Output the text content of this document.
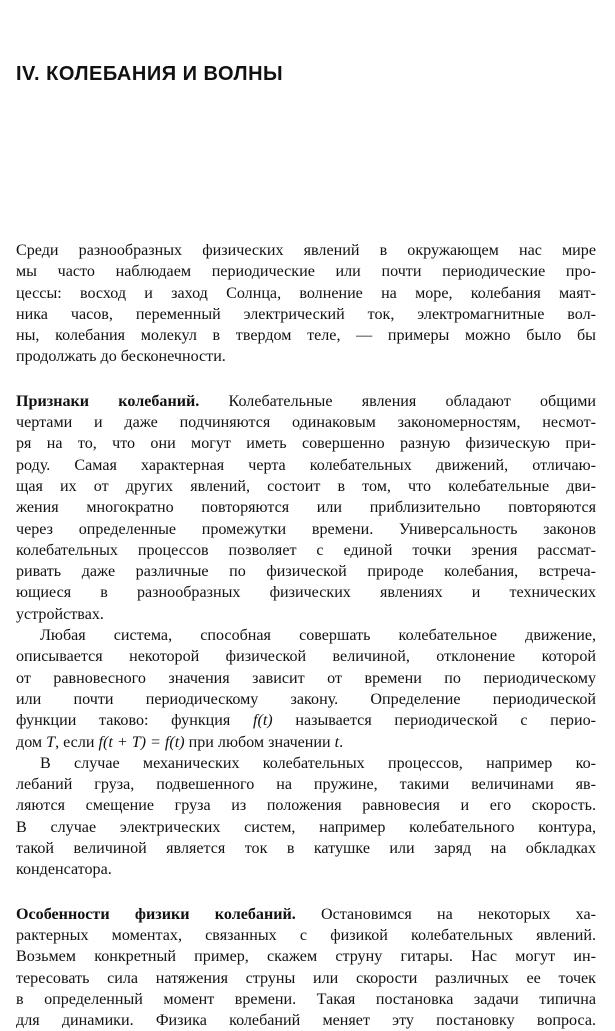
IV. КОЛЕБАНИЯ И ВОЛНЫ
Среди разнообразных физических явлений в окружающем нас мире
мы часто наблюдаем периодические или почти периодические про-
цессы: восход и заход Солнца, волнение на море, колебания маят-
ника часов, переменный электрический ток, электромагнитные вол-
ны, колебания молекул в твердом теле, — примеры можно было бы
продолжать до бесконечности.
Признаки колебаний. Колебательные явления обладают общими
чертами и даже подчиняются одинаковым закономерностям, несмот-
ря на то, что они могут иметь совершенно разную физическую при-
роду. Самая характерная черта колебательных движений, отличаю-
щая их от других явлений, состоит в том, что колебательные дви-
жения многократно повторяются или приблизительно повторяются
через определенные промежутки времени. Универсальность законов
колебательных процессов позволяет с единой точки зрения рассмат-
ривать даже различные по физической природе колебания, встреча-
ющиеся в разнообразных физических явлениях и технических
устройствах.
Любая система, способная совершать колебательное движение,
описывается некоторой физической величиной, отклонение которой
от равновесного значения зависит от времени по периодическому
или почти периодическому закону. Определение периодической
функции таково: функция f(t) называется периодической с перио-
дом T, если f(t + T) = f(t) при любом значении t.
В случае механических колебательных процессов, например ко-
лебаний груза, подвешенного на пружине, такими величинами яв-
ляются смещение груза из положения равновесия и его скорость.
В случае электрических систем, например колебательного контура,
такой величиной является ток в катушке или заряд на обкладках
конденсатора.
Особенности физики колебаний. Остановимся на некоторых ха-
рактерных моментах, связанных с физикой колебательных явлений.
Возьмем конкретный пример, скажем струну гитары. Нас могут ин-
тересовать сила натяжения струны или скорости различных ее точек
в определенный момент времени. Такая постановка задачи типична
для динамики. Физика колебаний меняет эту постановку вопроса.
